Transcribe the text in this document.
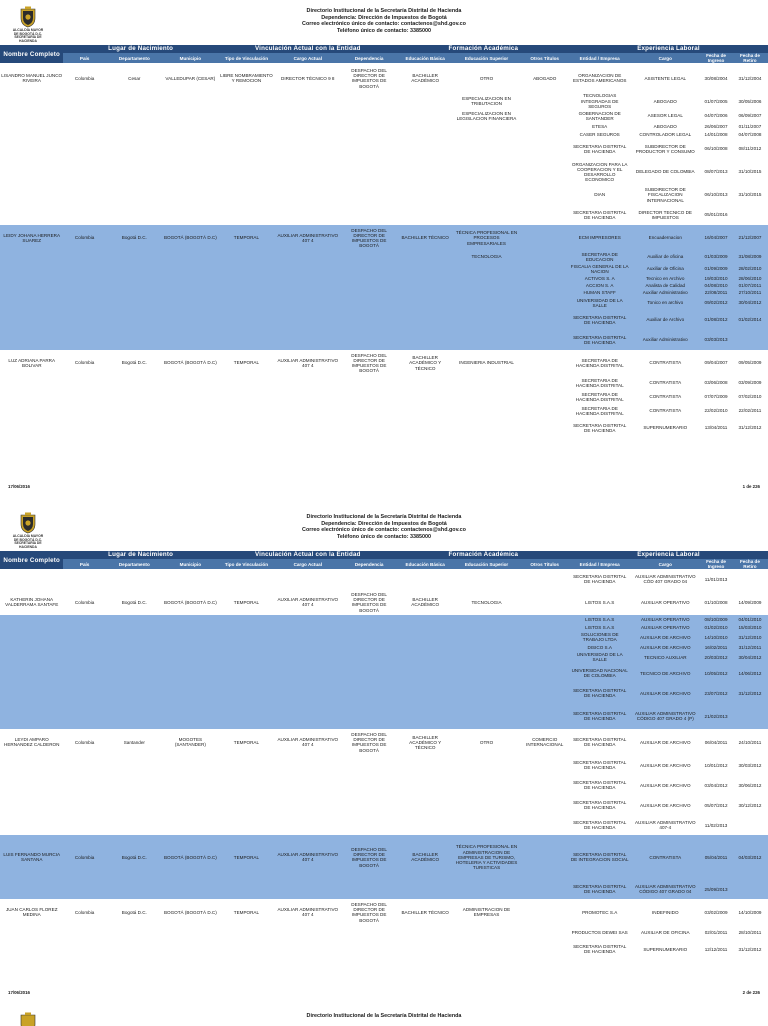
ALCALDÍA MAYOR
DE BOGOTÁ D.C.
SECRETARÍA DE HACIENDA
Directorio Institucional de la Secretaría Distrital de Hacienda
Dependencia: Dirección de Impuestos de Bogotá
Correo electrónico único de contacto: contactenos@shd.gov.co
Teléfono único de contacto: 3385000
Nombre Completo	Lugar de Nacimiento			Vinculación Actual con la Entidad			Formación Académica			Experiencia Laboral			
	País	Departamento	Municipio	Tipo de Vinculación	Cargo Actual	Dependencia	Educación Básica	Educación Superior	Otros Títulos	Entidad / Empresa	Cargo	Fecha de Ingreso	Fecha de Retiro
LISANDRO MANUEL JUNCO RIVEIRA	Colombia	Cesar	VALLEDUPAR (CESAR)	LIBRE NOMBRAMIENTO Y REMOCION	DIRECTOR TÉCNICO 9 8	DESPACHO DEL DIRECTOR DE IMPUESTOS DE BOGOTÁ	BACHILLER ACADÉMICO	OTRO	ABOGADO	ORGANIZACION DE ESTADOS AMERICANOS	ASISTENTE LEGAL	30/08/2004	31/12/2004
								ESPECIALIZACION EN TRIBUTACION		TECNOLOGIAS INTEGRADAS DE SEGUROS	ABOGADO	01/07/2005	30/05/2006
								ESPECIALIZACION EN LEGISLACION FINANCIERA		GOBERNACION DE SANTANDER	ASESOR LEGAL	04/07/2006	06/09/2007
										ETESA	ABOGADO	26/06/2007	01/11/2007
										CASER SEGUROS	CONTROLADOR LEGAL	14/01/2008	04/07/2008
										SECRETARIA DISTRITAL DE HACIENDA	SUBDIRECTOR DE PRODUCTOR Y CONSUMO	06/10/2008	08/11/2012
										ORGANIZACION PARA LA COOPERACION Y EL DESARROLLO ECONOMICO	DELEGADO DE COLOMBIA	08/07/2013	31/10/2015
										DIAN	SUBDIRECTOR DE FISCALIZACION INTERNACIONAL	06/10/2013	31/10/2015
										SECRETARIA DISTRITAL DE HACIENDA	DIRECTOR TECNICO DE IMPUESTOS	05/01/2016	
LEIDY JOHANA HERRERA SUAREZ	Colombia	Bogotá D.C.	BOGOTÁ (BOGOTÁ D.C)	TEMPORAL	AUXILIAR ADMINISTRATIVO 407 4	DESPACHO DEL DIRECTOR DE IMPUESTOS DE BOGOTÁ	BACHILLER TÉCNICO	TÉCNICA PROFESIONAL EN PROCESOS EMPRESARIALES		ECM IMPRESORES	Encuadernacion	16/04/2007	21/12/2007
								TECNOLOGIA		SECRETARIA DE EDUCACION	Auxiliar de oficina	01/03/2009	31/08/2009
										FISCALIA GENERAL DE LA NACION	Auxiliar de Oficina	01/09/2009	28/02/2010
										ACTIVOS S. A	Tecnico en Archivo	19/03/2010	28/06/2010
										ACCION S. A	Analista de Calidad	04/08/2010	01/07/2011
										HUMAN STAFF	Auxiliar Administrativo	22/08/2011	27/10/2011
										UNIVERSIDAD DE LA SALLE	Tonico en archivo	09/02/2012	30/04/2012
										SECRETARIA DISTRITAL DE HACIENDA	Auxiliar de Archivo	01/08/2012	01/02/2014
										SECRETARIA DISTRITAL DE HACIENDA	Auxiliar Administrativo	03/03/2013	
LUZ ADRIANA PARRA BOLIVAR	Colombia	Bogotá D.C.	BOGOTÁ (BOGOTÁ D.C)	TEMPORAL	AUXILIAR ADMINISTRATIVO 407 4	DESPACHO DEL DIRECTOR DE IMPUESTOS DE BOGOTÁ	BACHILLER ACADÉMICO Y TÉCNICO	INGENIERIA INDUSTRIAL		SECRETARIA DE HACIENDA DISTRITAL	CONTRATISTA	09/04/2007	09/05/2009
										SECRETARIA DE HACIENDA DISTRITAL	CONTRATISTA	03/06/2008	03/09/2009
										SECRETARIA DE HACIENDA DISTRITAL	CONTRATISTA	07/07/2009	07/02/2010
										SECRETARIA DE HACIENDA DISTRITAL	CONTRATISTA	22/02/2010	22/02/2011
										SECRETARIA DISTRITAL DE HACIENDA	SUPERNUMERARIO	13/04/2011	31/12/2012
17/06/2016	1 de 226
ALCALDÍA MAYOR
DE BOGOTÁ D.C.
SECRETARÍA DE HACIENDA
Directorio Institucional de la Secretaría Distrital de Hacienda
Dependencia: Dirección de Impuestos de Bogotá
Correo electrónico único de contacto: contactenos@shd.gov.co
Teléfono único de contacto: 3385000
Nombre Completo	Lugar de Nacimiento			Vinculación Actual con la Entidad			Formación Académica			Experiencia Laboral			
	País	Departamento	Municipio	Tipo de Vinculación	Cargo Actual	Dependencia	Educación Básica	Educación Superior	Otros Títulos	Entidad / Empresa	Cargo	Fecha de Ingreso	Fecha de Retiro
										SECRETARIA DISTRITAL DE HACIENDA	AUXILIAR ADMINISTRATIVO CÓD 407 GRADO 04	11/01/2013	
KATHERIN JOHANA VALDERRAMA SANTAFE	Colombia	Bogotá D.C.	BOGOTÁ (BOGOTÁ D.C)	TEMPORAL	AUXILIAR ADMINISTRATIVO 407 4	DESPACHO DEL DIRECTOR DE IMPUESTOS DE BOGOTÁ	BACHILLER ACADÉMICO	TECNOLOGIA		LISTOS S.A.S	AUXILIAR OPERATIVO	01/10/2008	14/09/2009
										LISTOS S.A.S	AUXILIAR OPERATIVO	08/10/2009	04/01/2010
										LISTOS S.A.S	AUXILIAR OPERATIVO	01/02/2010	15/03/2010
										SOLUCIONES DE TRABAJO LTDA	AUXILIAR DE ARCHIVO	14/10/2010	31/12/2010
										DISICO S.A	AUXILIAR DE ARCHIVO	16/02/2011	31/12/2011
										UNIVERSIDAD DE LA SALLE	TECNICO AUXILIAR	20/03/2012	30/04/2012
										UNIVERSIDAD NACIONAL DE COLOMBIA	TECNICO DE ARCHIVO	10/05/2012	14/06/2012
										SECRETARIA DISTRITAL DE HACIENDA	AUXILIAR DE ARCHIVO	23/07/2012	31/12/2012
										SECRETARIA DISTRITAL DE HACIENDA	AUXILIAR ADMINISTRATIVO CÓDIGO 407 GRADO 4 (P)	21/02/2013	
LEYDI AMPARO HERNANDEZ CALDERON	Colombia	Santander	MOGOTES (SANTANDER)	TEMPORAL	AUXILIAR ADMINISTRATIVO 407 4	DESPACHO DEL DIRECTOR DE IMPUESTOS DE BOGOTÁ	BACHILLER ACADÉMICO Y TÉCNICO	OTRO	COMERCIO INTERNACIONAL	SECRETARIA DISTRITAL DE HACIENDA	AUXILIAR DE ARCHIVO	06/04/2011	24/10/2011
										SECRETARIA DISTRITAL DE HACIENDA	AUXILIAR DE ARCHIVO	10/01/2012	30/03/2012
										SECRETARIA DISTRITAL DE HACIENDA	AUXILIAR DE ARCHIVO	03/04/2012	30/06/2012
										SECRETARIA DISTRITAL DE HACIENDA	AUXILIAR DE ARCHIVO	05/07/2012	30/12/2012
										SECRETARIA DISTRITAL DE HACIENDA	AUXILIAR ADMINISTRATIVO 407-4	11/02/2013	
LUIS FERNANDO MURCIA SANTANA	Colombia	Bogotá D.C.	BOGOTÁ (BOGOTÁ D.C)	TEMPORAL	AUXILIAR ADMINISTRATIVO 407 4	DESPACHO DEL DIRECTOR DE IMPUESTOS DE BOGOTÁ	BACHILLER ACADÉMICO	TÉCNICA PROFESIONAL EN ADMINISTRACION DE EMPRESAS DE TURISMO, HOTELERIA Y ACTIVIDADES TURISTICAS		SECRETARIA DISTRITAL DE INTEGRACION SOCIAL	CONTRATISTA	05/04/2011	04/03/2012
										SECRETARIA DISTRITAL DE HACIENDA	AUXILIAR ADMINISTRATIVO CÓDIGO 407 GRADO 04	25/09/2013	
JUAN CARLOS FLOREZ MEDINA	Colombia	Bogotá D.C.	BOGOTÁ (BOGOTÁ D.C)	TEMPORAL	AUXILIAR ADMINISTRATIVO 407 4	DESPACHO DEL DIRECTOR DE IMPUESTOS DE BOGOTÁ	BACHILLER TÉCNICO	ADMINISTRACION DE EMPRESAS		PROMOTEC S.A	INDEFINIDO	03/02/2009	14/10/2009
										PRODUCTOS DEWEI SAS	AUXILIAR DE OFICINA	02/01/2011	28/10/2011
										SECRETARIA DISTRITAL DE HACIENDA	SUPERNUMERARIO	12/12/2011	31/12/2012
17/06/2016	2 de 226
Directorio Institucional de la Secretaría Distrital de Hacienda
